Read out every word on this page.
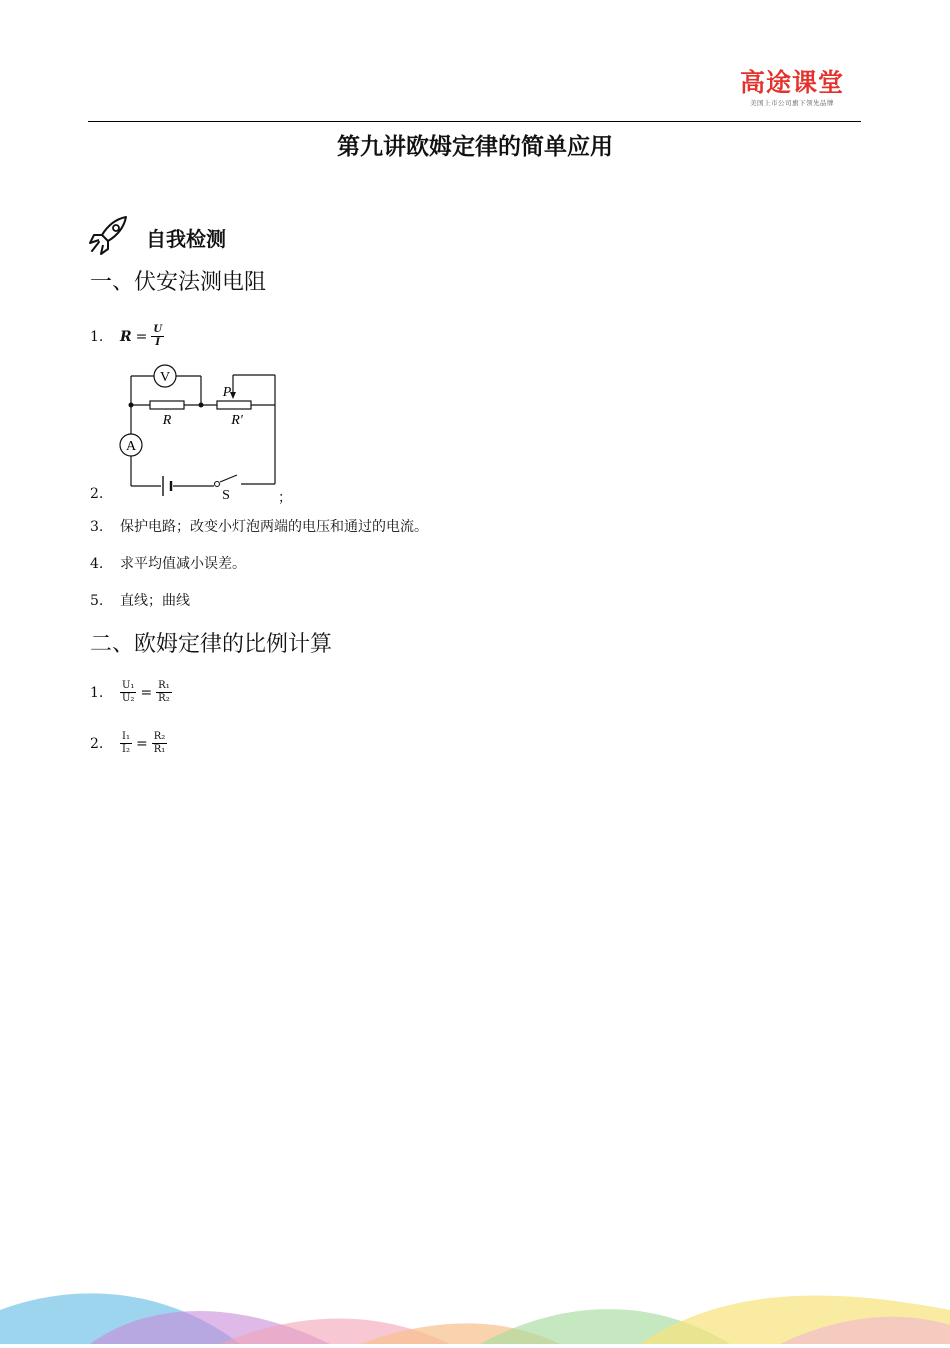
高途课堂
美国上市公司旗下领先品牌
第九讲欧姆定律的简单应用
自我检测
一、伏安法测电阻
1.	$R = \frac{U}{I}$
2.
V
R
P
R′
A
S	；
3.	保护电路；改变小灯泡两端的电压和通过的电流。
4.	求平均值减小误差。
5.	直线；曲线
二、欧姆定律的比例计算
1.	$\frac{\text{U₁}}{\text{U₂}} = \frac{\text{R₁}}{\text{R₂}}$
2.	$\frac{\text{I₁}}{\text{I₂}} = \frac{\text{R₂}}{\text{R₁}}$
